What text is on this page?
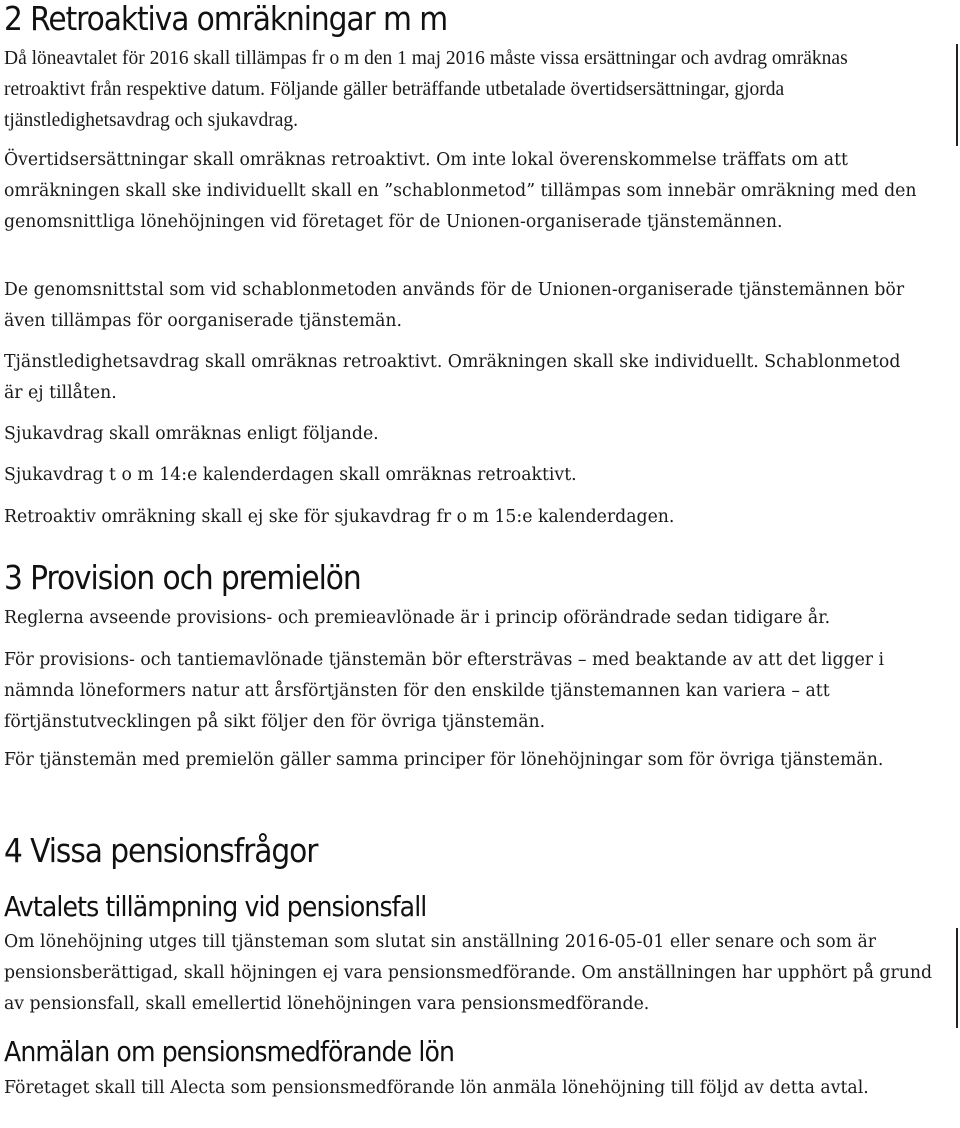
2 Retroaktiva omräkningar m m

Då löneavtalet för 2016 skall tillämpas fr o m den 1 maj 2016 måste vissa ersättningar och avdrag omräknas retroaktivt från respektive datum. Följande gäller beträffande utbetalade övertidsersättningar, gjorda tjänstledighetsavdrag och sjukavdrag.

Övertidsersättningar skall omräknas retroaktivt. Om inte lokal överenskommelse träffats om att omräkningen skall ske individuellt skall en ”schablonmetod” tillämpas som innebär omräkning med den genomsnittliga lönehöjningen vid företaget för de Unionen-organiserade tjänstemännen.

De genomsnittstal som vid schablonmetoden används för de Unionen-organiserade tjänstemännen bör även tillämpas för oorganiserade tjänstemän.

Tjänstledighetsavdrag skall omräknas retroaktivt. Omräkningen skall ske individuellt. Schablonmetod är ej tillåten.

Sjukavdrag skall omräknas enligt följande.

Sjukavdrag t o m 14:e kalenderdagen skall omräknas retroaktivt.

Retroaktiv omräkning skall ej ske för sjukavdrag fr o m 15:e kalenderdagen.

3 Provision och premielön

Reglerna avseende provisions- och premieavlönade är i princip oförändrade sedan tidigare år.

För provisions- och tantiemavlönade tjänstemän bör eftersträvas – med beaktande av att det ligger i nämnda löneformers natur att årsförtjänsten för den enskilde tjänstemannen kan variera – att förtjänstutvecklingen på sikt följer den för övriga tjänstemän.

För tjänstemän med premielön gäller samma principer för lönehöjningar som för övriga tjänstemän.

4 Vissa pensionsfrågor
Avtalets tillämpning vid pensionsfall

Om lönehöjning utges till tjänsteman som slutat sin anställning 2016-05-01 eller senare och som är pensionsberättigad, skall höjningen ej vara pensionsmedförande. Om anställningen har upphört på grund av pensionsfall, skall emellertid lönehöjningen vara pensionsmedförande.

Anmälan om pensionsmedförande lön

Företaget skall till Alecta som pensionsmedförande lön anmäla lönehöjning till följd av detta avtal.
